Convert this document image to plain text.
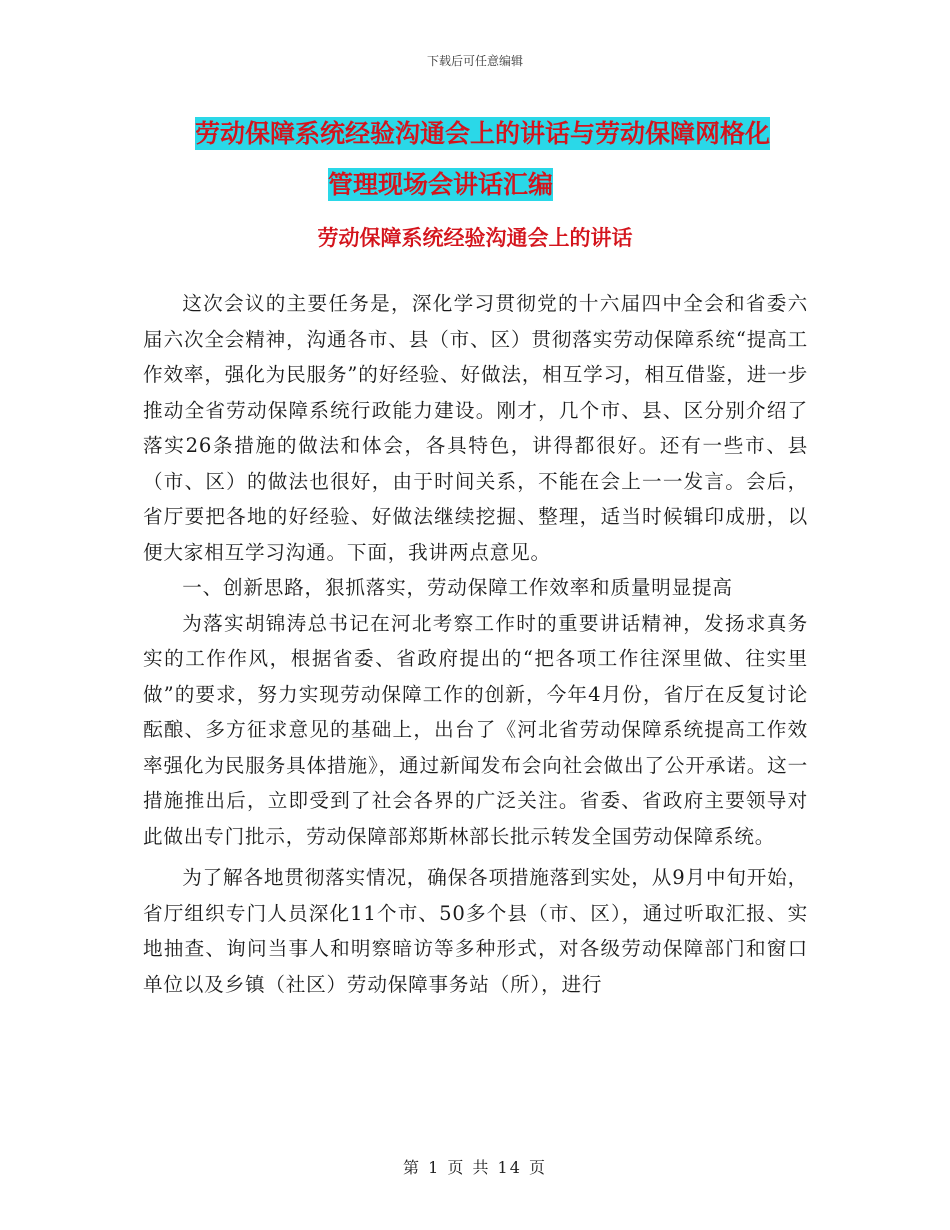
下载后可任意编辑
劳动保障系统经验沟通会上的讲话与劳动保障网格化
管理现场会讲话汇编
劳动保障系统经验沟通会上的讲话

这次会议的主要任务是，深化学习贯彻党的十六届四中全会和省委六届六次全会精神，沟通各市、县（市、区）贯彻落实劳动保障系统“提高工作效率，强化为民服务”的好经验、好做法，相互学习，相互借鉴，进一步推动全省劳动保障系统行政能力建设。刚才，几个市、县、区分别介绍了落实26条措施的做法和体会，各具特色，讲得都很好。还有一些市、县（市、区）的做法也很好，由于时间关系，不能在会上一一发言。会后，省厅要把各地的好经验、好做法继续挖掘、整理，适当时候辑印成册，以便大家相互学习沟通。下面，我讲两点意见。

一、创新思路，狠抓落实，劳动保障工作效率和质量明显提高

为落实胡锦涛总书记在河北考察工作时的重要讲话精神，发扬求真务实的工作作风，根据省委、省政府提出的“把各项工作往深里做、往实里做”的要求，努力实现劳动保障工作的创新，今年4月份，省厅在反复讨论酝酿、多方征求意见的基础上，出台了《河北省劳动保障系统提高工作效率强化为民服务具体措施》，通过新闻发布会向社会做出了公开承诺。这一措施推出后，立即受到了社会各界的广泛关注。省委、省政府主要领导对此做出专门批示，劳动保障部郑斯林部长批示转发全国劳动保障系统。

为了解各地贯彻落实情况，确保各项措施落到实处，从9月中旬开始，省厅组织专门人员深化11个市、50多个县（市、区），通过听取汇报、实地抽查、询问当事人和明察暗访等多种形式，对各级劳动保障部门和窗口单位以及乡镇（社区）劳动保障事务站（所），进行

第 1 页 共 14 页
